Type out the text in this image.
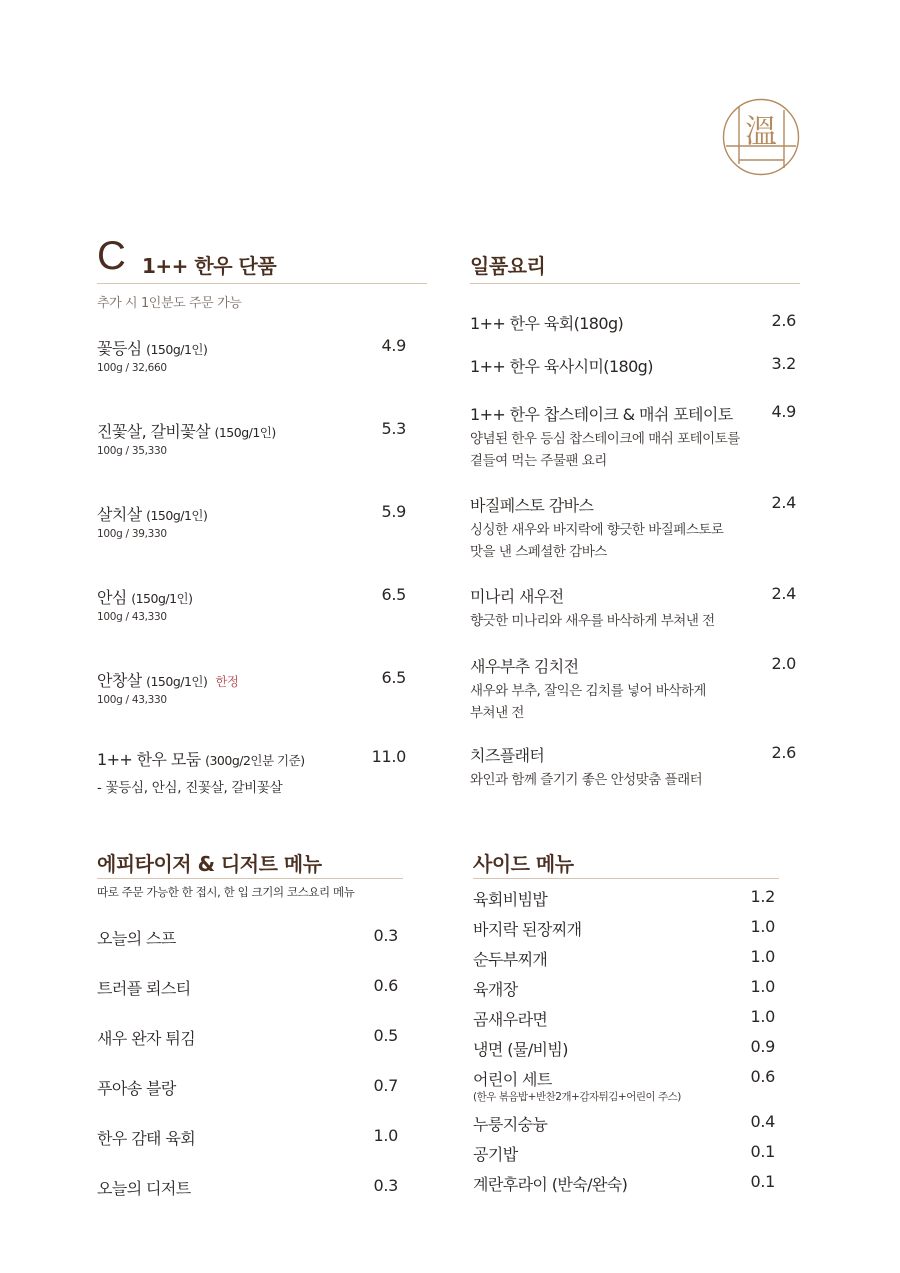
溫
C 1++ 한우 단품
추가 시 1인분도 주문 가능
꽃등심 (150g/1인)	4.9
100g / 32,660
진꽃살, 갈비꽃살 (150g/1인)	5.3
100g / 35,330
살치살 (150g/1인)	5.9
100g / 39,330
안심 (150g/1인)	6.5
100g / 43,330
안창살 (150g/1인) 한정	6.5
100g / 43,330
1++ 한우 모둠 (300g/2인분 기준)	11.0
- 꽃등심, 안심, 진꽃살, 갈비꽃살
일품요리
1++ 한우 육회(180g)	2.6
1++ 한우 육사시미(180g)	3.2
1++ 한우 찹스테이크 & 매쉬 포테이토 4.9
양념된 한우 등심 찹스테이크에 매쉬 포테이토를
곁들여 먹는 주물팬 요리
바질페스토 감바스	2.4
싱싱한 새우와 바지락에 향긋한 바질페스토로
맛을 낸 스페셜한 감바스
미나리 새우전	2.4
향긋한 미나리와 새우를 바삭하게 부쳐낸 전
새우부추 김치전	2.0
새우와 부추, 잘익은 김치를 넣어 바삭하게
부쳐낸 전
치즈플래터	2.6
와인과 함께 즐기기 좋은 안성맞춤 플래터
에피타이저 & 디저트 메뉴
따로 주문 가능한 한 접시, 한 입 크기의 코스요리 메뉴
오늘의 스프	0.3
트러플 뢰스티	0.6
새우 완자 튀김	0.5
푸아송 블랑	0.7
한우 감태 육회	1.0
오늘의 디저트	0.3
사이드 메뉴
육회비빔밥	1.2
바지락 된장찌개	1.0
순두부찌개	1.0
육개장	1.0
곰새우라면	1.0
냉면 (물/비빔)	0.9
어린이 세트	0.6
(한우 볶음밥+반찬2개+감자튀김+어린이 주스)
누룽지숭늉	0.4
공기밥	0.1
계란후라이 (반숙/완숙)	0.1
